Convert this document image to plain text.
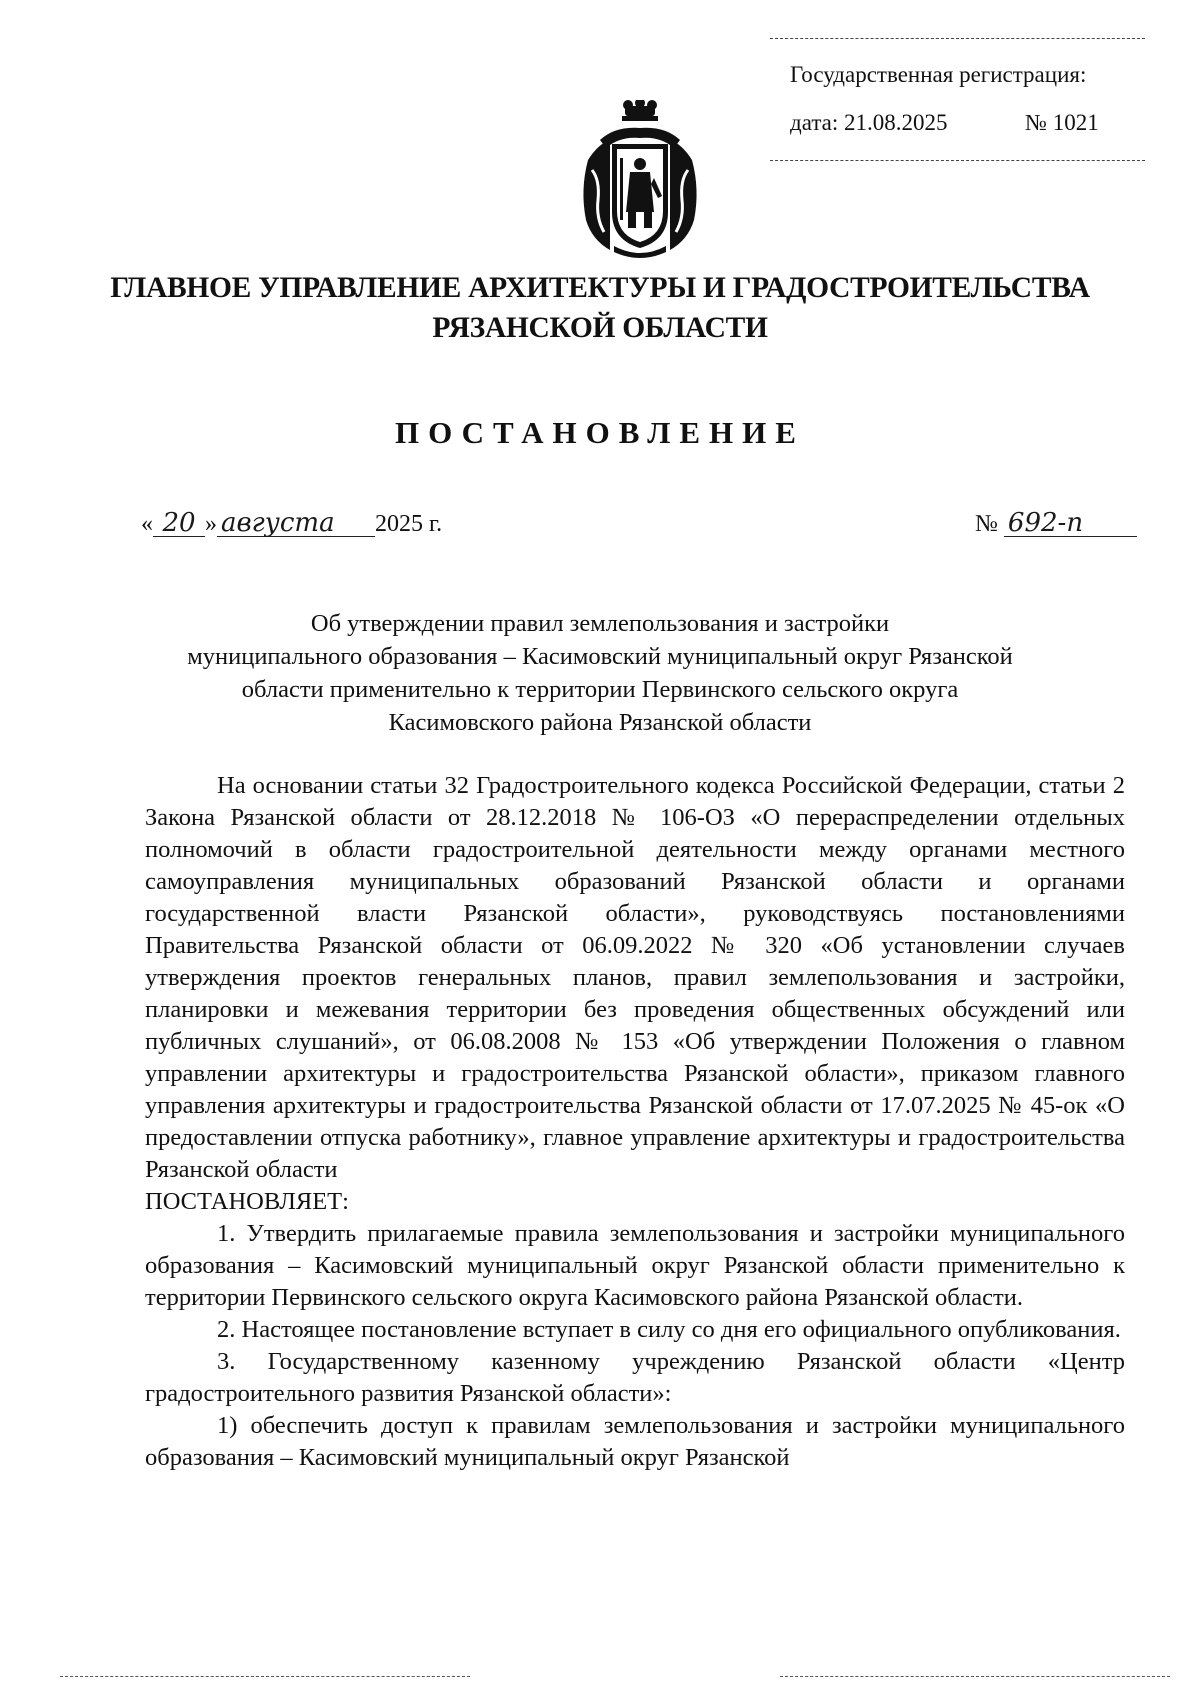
Государственная регистрация:
дата: 21.08.2025	№ 1021
ГЛАВНОЕ УПРАВЛЕНИЕ АРХИТЕКТУРЫ И ГРАДОСТРОИТЕЛЬСТВА
РЯЗАНСКОЙ ОБЛАСТИ
ПОСТАНОВЛЕНИЕ
« 20 » августа 2025 г.	№ 692-п
Об утверждении правил землепользования и застройки
муниципального образования – Касимовский муниципальный округ Рязанской
области применительно к территории Первинского сельского округа
Касимовского района Рязанской области

На основании статьи 32 Градостроительного кодекса Российской Федерации, статьи 2 Закона Рязанской области от 28.12.2018 № 106-ОЗ «О перераспределении отдельных полномочий в области градостроительной деятельности между органами местного самоуправления муниципальных образований Рязанской области и органами государственной власти Рязанской области», руководствуясь постановлениями Правительства Рязанской области от 06.09.2022 № 320 «Об установлении случаев утверждения проектов генеральных планов, правил землепользования и застройки, планировки и межевания территории без проведения общественных обсуждений или публичных слушаний», от 06.08.2008 № 153 «Об утверждении Положения о главном управлении архитектуры и градостроительства Рязанской области», приказом главного управления архитектуры и градостроительства Рязанской области от 17.07.2025 № 45-ок «О предоставлении отпуска работнику», главное управление архитектуры и градостроительства Рязанской области

ПОСТАНОВЛЯЕТ:

1. Утвердить прилагаемые правила землепользования и застройки муниципального образования – Касимовский муниципальный округ Рязанской области применительно к территории Первинского сельского округа Касимовского района Рязанской области.

2. Настоящее постановление вступает в силу со дня его официального опубликования.

3. Государственному казенному учреждению Рязанской области «Центр градостроительного развития Рязанской области»:

1) обеспечить доступ к правилам землепользования и застройки муниципального образования – Касимовский муниципальный округ Рязанской
